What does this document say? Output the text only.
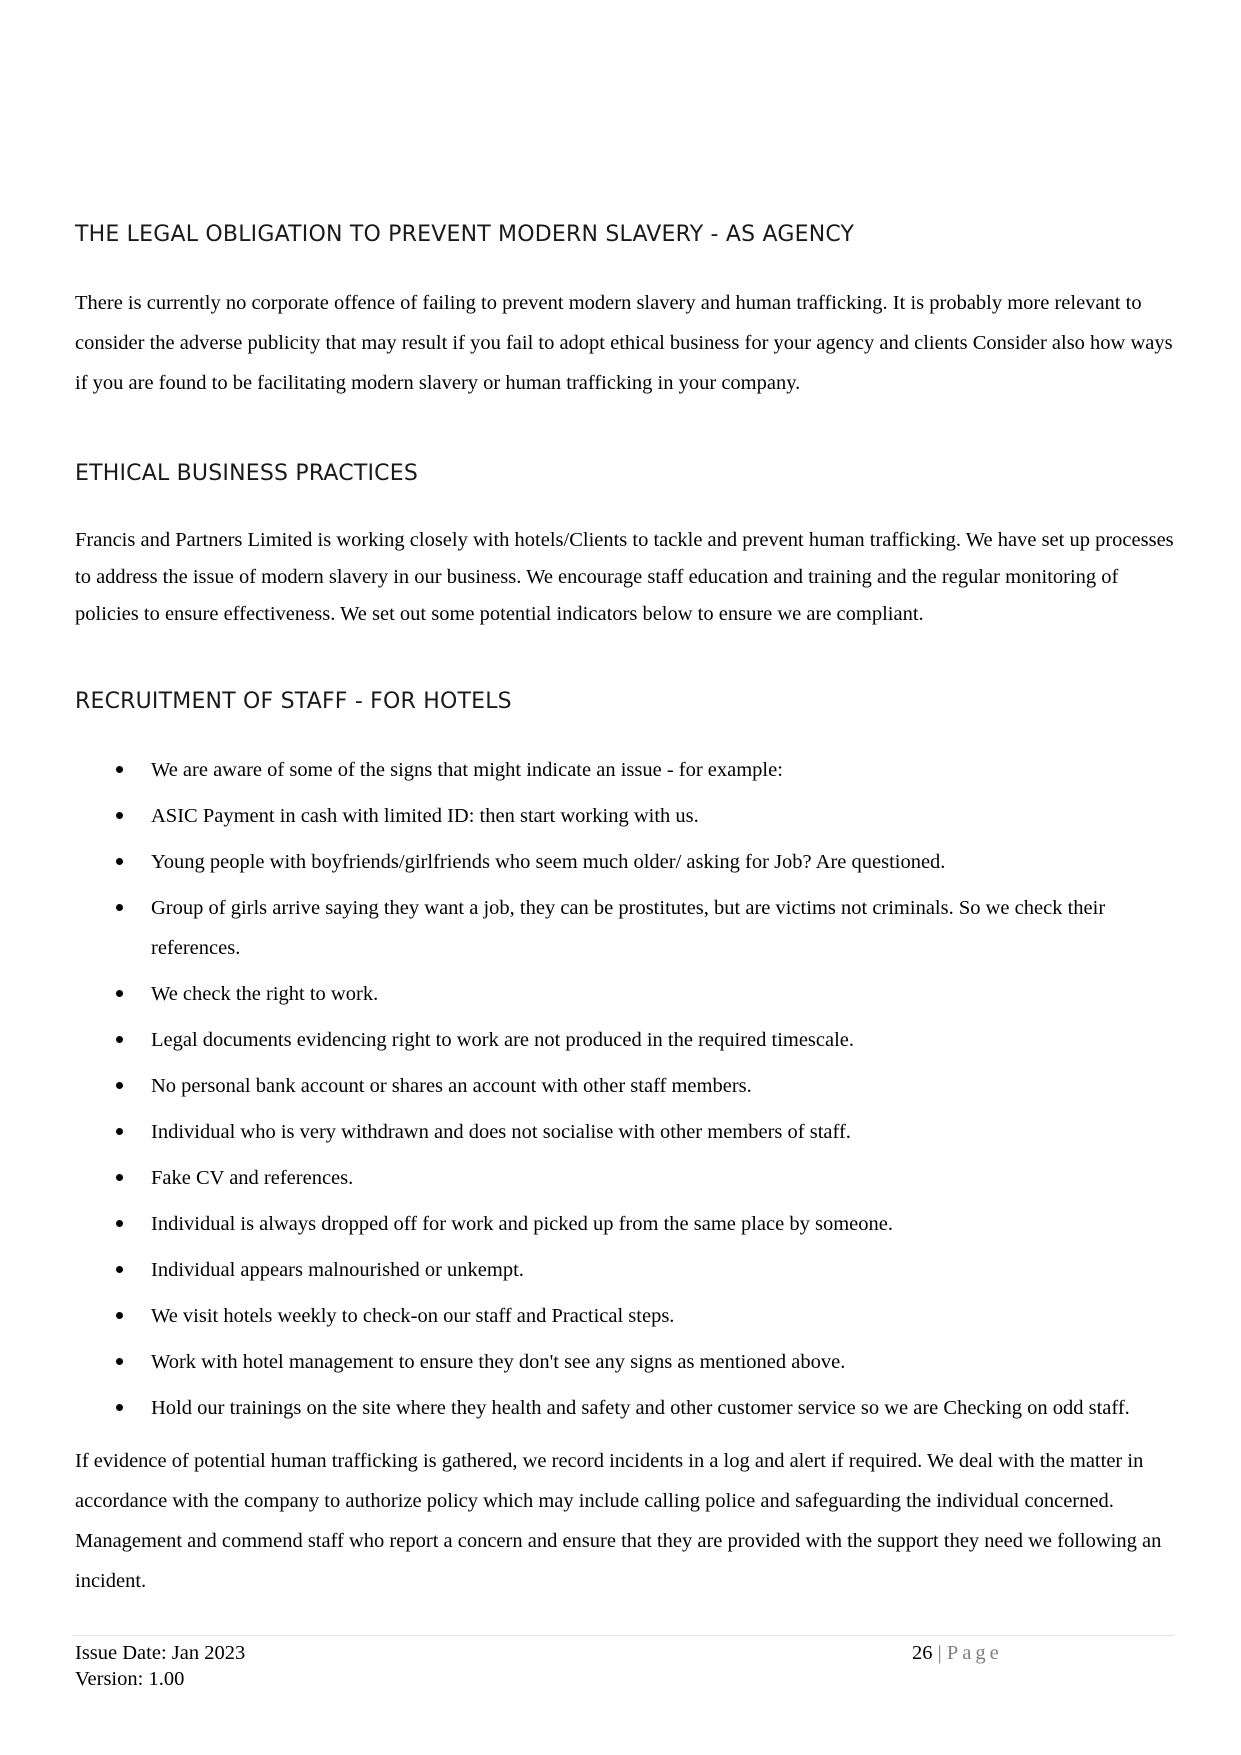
THE LEGAL OBLIGATION TO PREVENT MODERN SLAVERY - AS AGENCY

There is currently no corporate offence of failing to prevent modern slavery and human trafficking. It is probably more relevant to consider the adverse publicity that may result if you fail to adopt ethical business for your agency and clients Consider also how ways if you are found to be facilitating modern slavery or human trafficking in your company.

ETHICAL BUSINESS PRACTICES

Francis and Partners Limited is working closely with hotels/Clients to tackle and prevent human trafficking. We have set up processes to address the issue of modern slavery in our business. We encourage staff education and training and the regular monitoring of policies to ensure effectiveness. We set out some potential indicators below to ensure we are compliant.

RECRUITMENT OF STAFF - FOR HOTELS
We are aware of some of the signs that might indicate an issue - for example:
ASIC Payment in cash with limited ID: then start working with us.
Young people with boyfriends/girlfriends who seem much older/ asking for Job? Are questioned.
Group of girls arrive saying they want a job, they can be prostitutes, but are victims not criminals. So we check their references.
We check the right to work.
Legal documents evidencing right to work are not produced in the required timescale.
No personal bank account or shares an account with other staff members.
Individual who is very withdrawn and does not socialise with other members of staff.
Fake CV and references.
Individual is always dropped off for work and picked up from the same place by someone.
Individual appears malnourished or unkempt.
We visit hotels weekly to check-on our staff and Practical steps.
Work with hotel management to ensure they don't see any signs as mentioned above.
Hold our trainings on the site where they health and safety and other customer service so we are Checking on odd staff.

If evidence of potential human trafficking is gathered, we record incidents in a log and alert if required. We deal with the matter in accordance with the company to authorize policy which may include calling police and safeguarding the individual concerned. Management and commend staff who report a concern and ensure that they are provided with the support they need we following an incident.

Issue Date: Jan 2023
Version: 1.00
26 | Page
